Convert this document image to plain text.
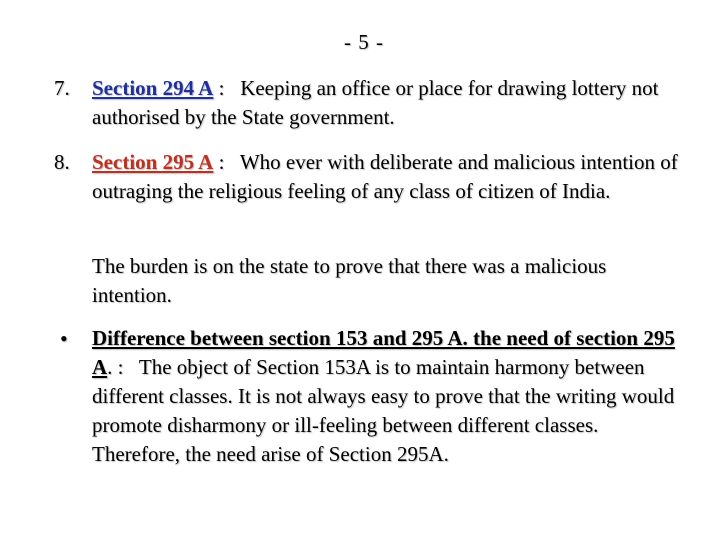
- 5 -
7.	Section 294 A :   Keeping an office or place for drawing lottery not authorised by the State government.
8.	Section 295 A :   Who ever with deliberate and malicious intention of outraging the religious feeling of any class of citizen of India.
The burden is on the state to prove that there was a malicious intention.
• Difference between section 153 and 295 A. the need of section 295 A. :   The object of Section 153A is to maintain harmony between different classes. It is not always easy to prove that the writing would promote disharmony or ill-feeling between different classes. Therefore, the need arise of Section 295A.
